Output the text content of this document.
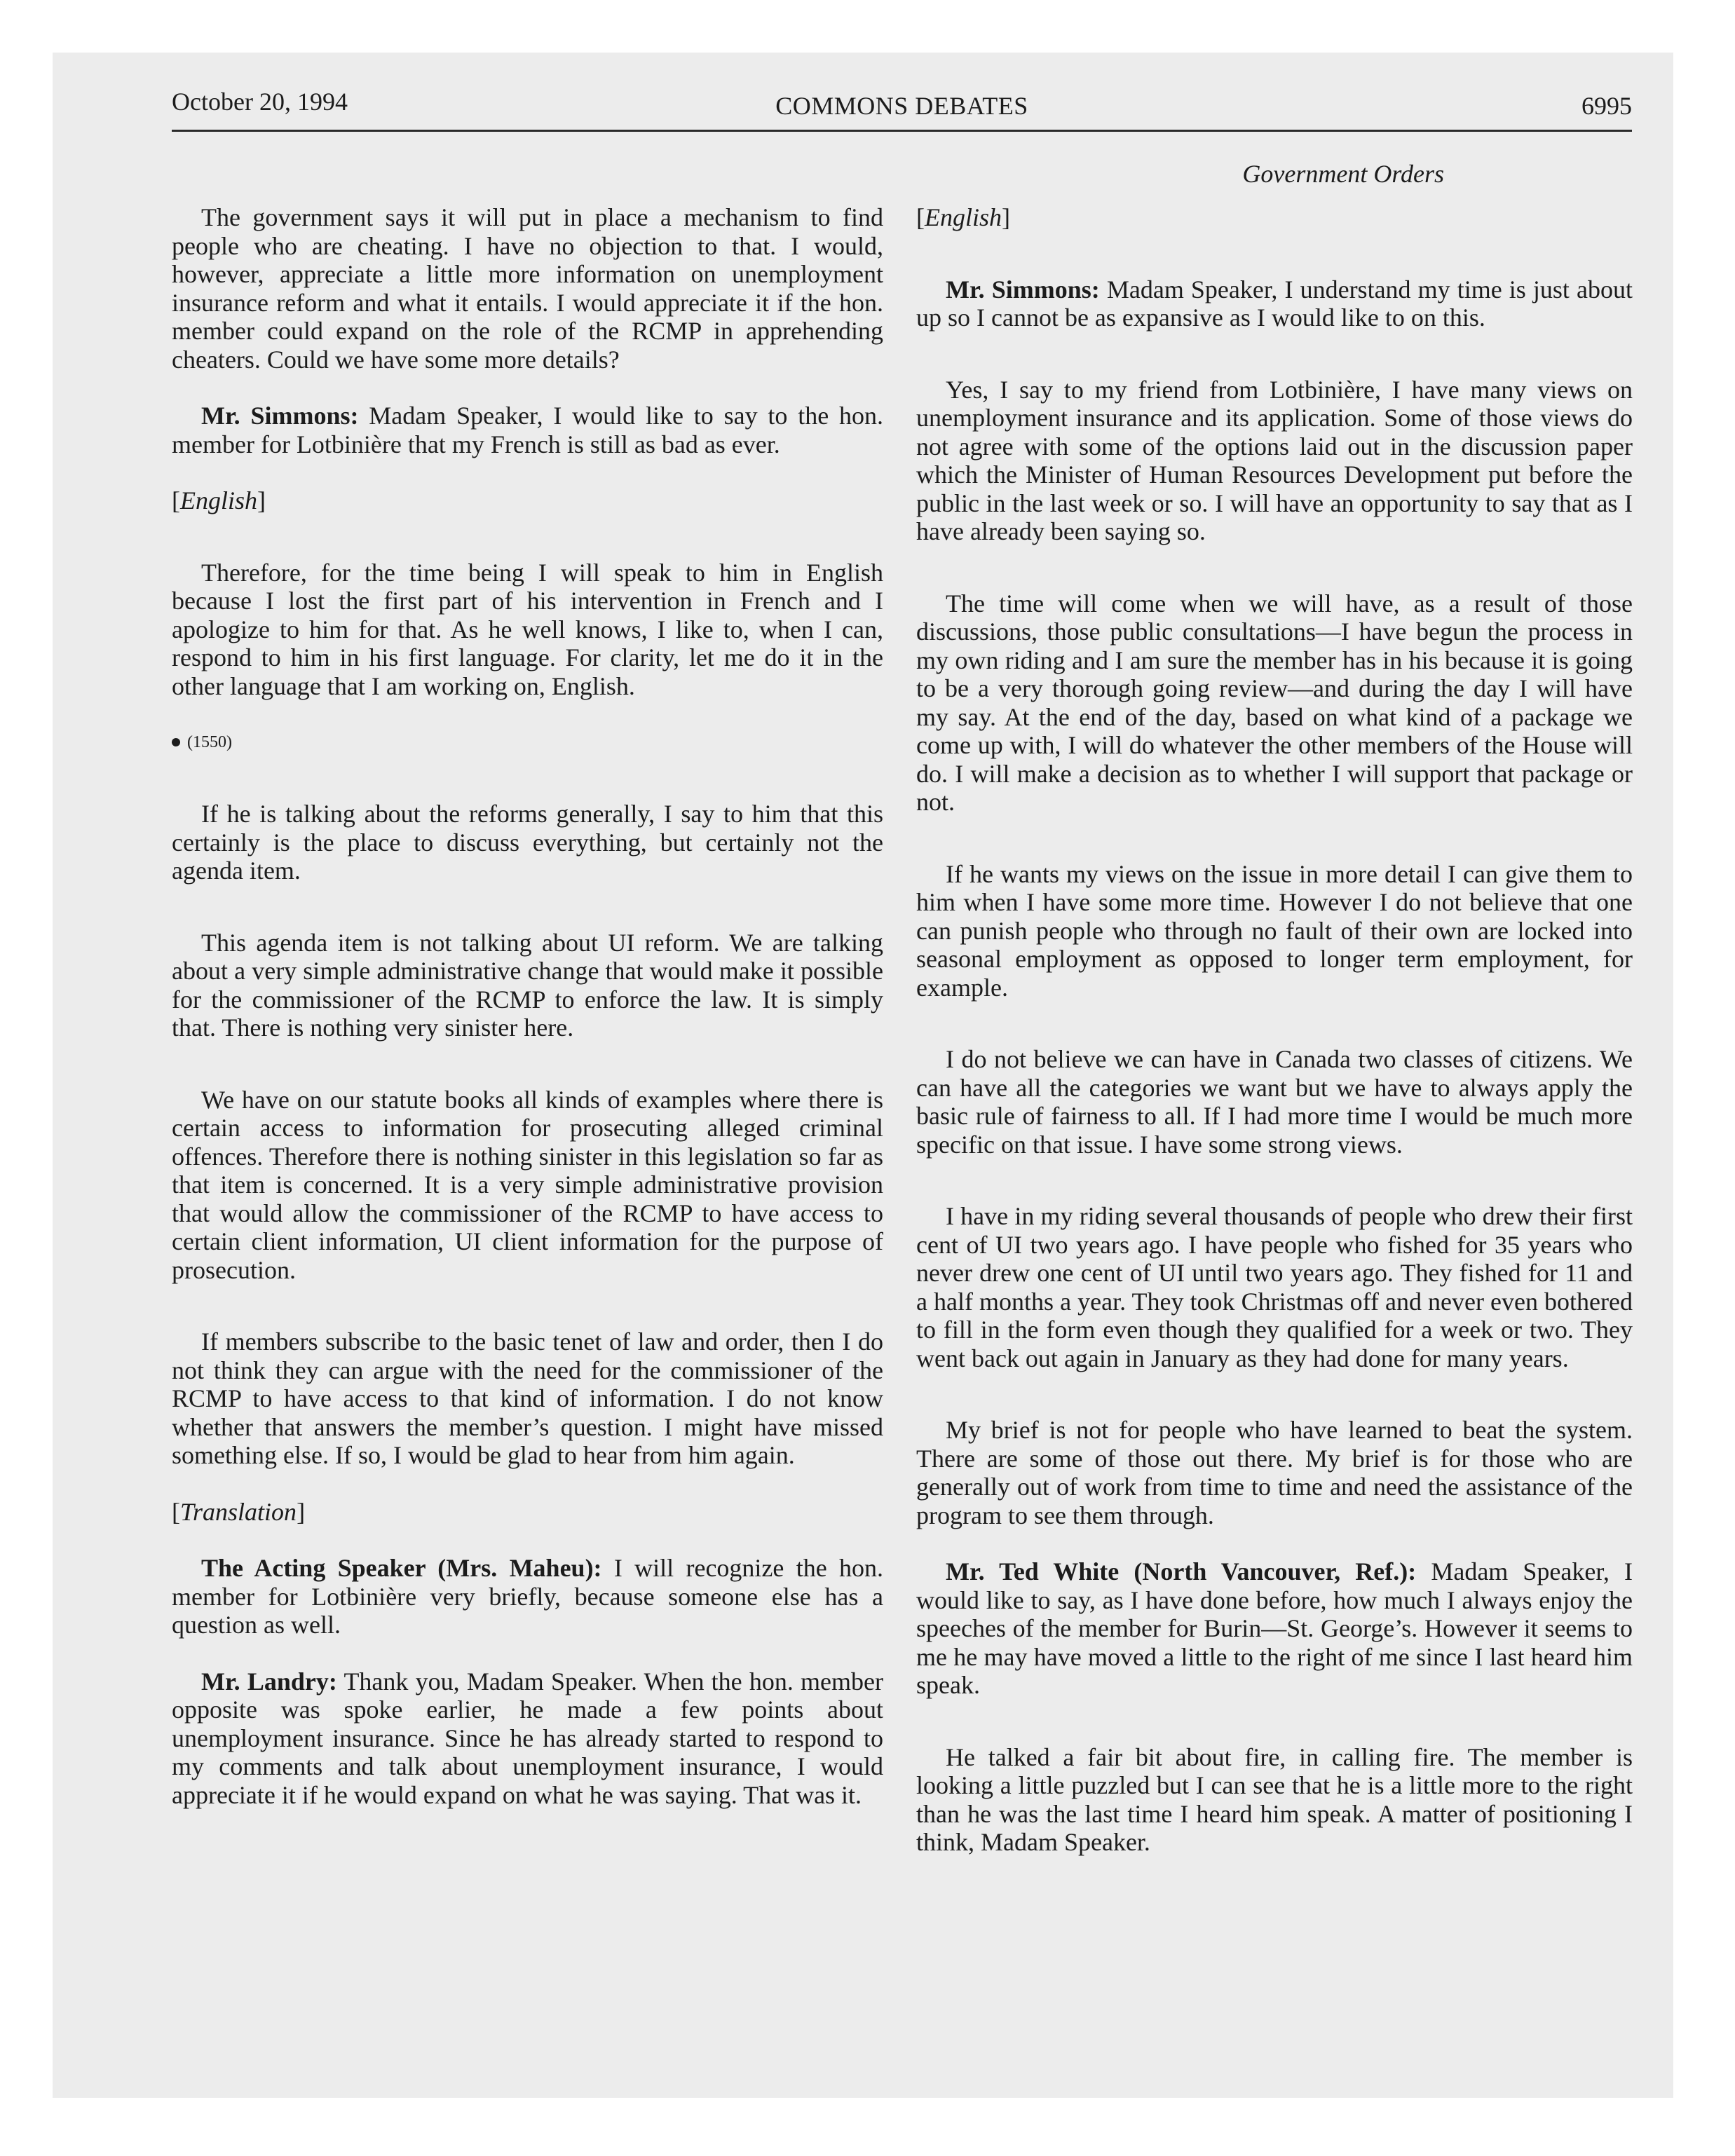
October 20, 1994	COMMONS DEBATES	6995
Government Orders

The government says it will put in place a mechanism to find people who are cheating. I have no objection to that. I would, however, appreciate a little more information on unemployment insurance reform and what it entails. I would appreciate it if the hon. member could expand on the role of the RCMP in apprehending cheaters. Could we have some more details?

Mr. Simmons: Madam Speaker, I would like to say to the hon. member for Lotbinière that my French is still as bad as ever.

[English]

Therefore, for the time being I will speak to him in English because I lost the first part of his intervention in French and I apologize to him for that. As he well knows, I like to, when I can, respond to him in his first language. For clarity, let me do it in the other language that I am working on, English.

(1550)

If he is talking about the reforms generally, I say to him that this certainly is the place to discuss everything, but certainly not the agenda item.

This agenda item is not talking about UI reform. We are talking about a very simple administrative change that would make it possible for the commissioner of the RCMP to enforce the law. It is simply that. There is nothing very sinister here.

We have on our statute books all kinds of examples where there is certain access to information for prosecuting alleged criminal offences. Therefore there is nothing sinister in this legislation so far as that item is concerned. It is a very simple administrative provision that would allow the commissioner of the RCMP to have access to certain client information, UI client information for the purpose of prosecution.

If members subscribe to the basic tenet of law and order, then I do not think they can argue with the need for the commissioner of the RCMP to have access to that kind of information. I do not know whether that answers the member’s question. I might have missed something else. If so, I would be glad to hear from him again.

[Translation]

The Acting Speaker (Mrs. Maheu): I will recognize the hon. member for Lotbinière very briefly, because someone else has a question as well.

Mr. Landry: Thank you, Madam Speaker. When the hon. member opposite was spoke earlier, he made a few points about unemployment insurance. Since he has already started to respond to my comments and talk about unemployment insurance, I would appreciate it if he would expand on what he was saying. That was it.

[English]

Mr. Simmons: Madam Speaker, I understand my time is just about up so I cannot be as expansive as I would like to on this.

Yes, I say to my friend from Lotbinière, I have many views on unemployment insurance and its application. Some of those views do not agree with some of the options laid out in the discussion paper which the Minister of Human Resources Development put before the public in the last week or so. I will have an opportunity to say that as I have already been saying so.

The time will come when we will have, as a result of those discussions, those public consultations—I have begun the process in my own riding and I am sure the member has in his because it is going to be a very thorough going review—and during the day I will have my say. At the end of the day, based on what kind of a package we come up with, I will do whatever the other members of the House will do. I will make a decision as to whether I will support that package or not.

If he wants my views on the issue in more detail I can give them to him when I have some more time. However I do not believe that one can punish people who through no fault of their own are locked into seasonal employment as opposed to longer term employment, for example.

I do not believe we can have in Canada two classes of citizens. We can have all the categories we want but we have to always apply the basic rule of fairness to all. If I had more time I would be much more specific on that issue. I have some strong views.

I have in my riding several thousands of people who drew their first cent of UI two years ago. I have people who fished for 35 years who never drew one cent of UI until two years ago. They fished for 11 and a half months a year. They took Christmas off and never even bothered to fill in the form even though they qualified for a week or two. They went back out again in January as they had done for many years.

My brief is not for people who have learned to beat the system. There are some of those out there. My brief is for those who are generally out of work from time to time and need the assistance of the program to see them through.

Mr. Ted White (North Vancouver, Ref.): Madam Speaker, I would like to say, as I have done before, how much I always enjoy the speeches of the member for Burin—St. George’s. However it seems to me he may have moved a little to the right of me since I last heard him speak.

He talked a fair bit about fire, in calling fire. The member is looking a little puzzled but I can see that he is a little more to the right than he was the last time I heard him speak. A matter of positioning I think, Madam Speaker.
